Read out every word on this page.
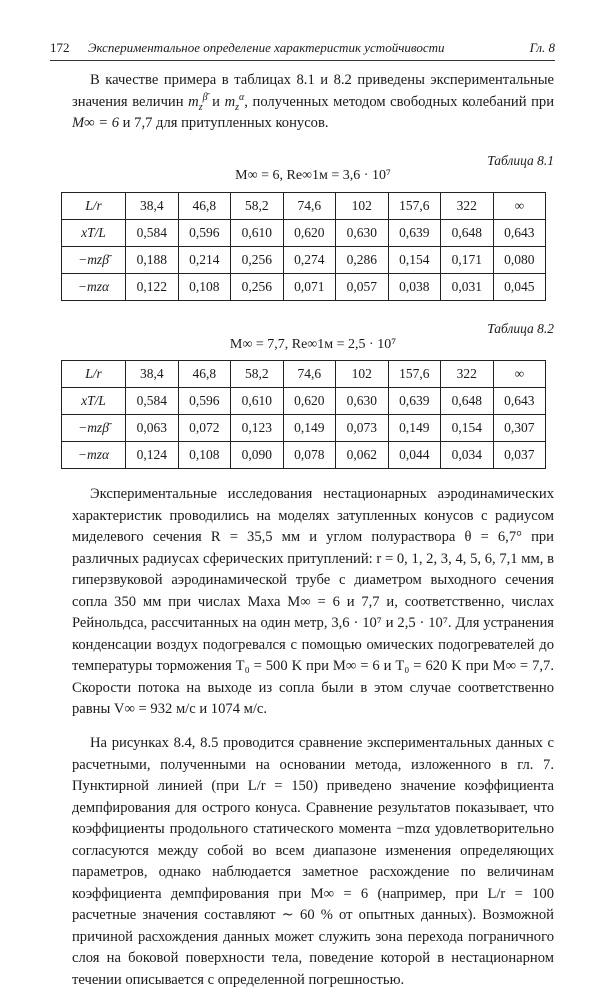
172 Экспериментальное определение характеристик устойчивости	Гл. 8
В качестве примера в таблицах 8.1 и 8.2 приведены экспериментальные значения величин $m_z^{\betā}$ и $m_z^\alpha$, полученных методом свободных колебаний при M∞ = 6 и 7,7 для притупленных конусов.
Таблица 8.1
M∞ = 6, Re∞1м = 3,6 · 10⁷
L/r	38,4	46,8	58,2	74,6	102	157,6	322	∞
xT/L	0,584	0,596	0,610	0,620	0,630	0,639	0,648	0,643
−mzβ̄	0,188	0,214	0,256	0,274	0,286	0,154	0,171	0,080
−mzα	0,122	0,108	0,256	0,071	0,057	0,038	0,031	0,045
Таблица 8.2
M∞ = 7,7, Re∞1м = 2,5 · 10⁷
L/r	38,4	46,8	58,2	74,6	102	157,6	322	∞
xT/L	0,584	0,596	0,610	0,620	0,630	0,639	0,648	0,643
−mzβ̄	0,063	0,072	0,123	0,149	0,073	0,149	0,154	0,307
−mzα	0,124	0,108	0,090	0,078	0,062	0,044	0,034	0,037
Экспериментальные исследования нестационарных аэродинамических характеристик проводились на моделях затупленных конусов с радиусом миделевого сечения R = 35,5 мм и углом полураствора θ = 6,7° при различных радиусах сферических притуплений: r = 0, 1, 2, 3, 4, 5, 6, 7,1 мм, в гиперзвуковой аэродинамической трубе с диаметром выходного сечения сопла 350 мм при числах Маха M∞ = 6 и 7,7 и, соответственно, числах Рейнольдса, рассчитанных на один метр, 3,6 · 10⁷ и 2,5 · 10⁷. Для устранения конденсации воздух подогревался с помощью омических подогревателей до температуры торможения T₀ = 500 K при M∞ = 6 и T₀ = 620 K при M∞ = 7,7. Скорости потока на выходе из сопла были в этом случае соответственно равны V∞ = 932 м/с и 1074 м/с.
На рисунках 8.4, 8.5 проводится сравнение экспериментальных данных с расчетными, полученными на основании метода, изложенного в гл. 7. Пунктирной линией (при L/r = 150) приведено значение коэффициента демпфирования для острого конуса. Сравнение результатов показывает, что коэффициенты продольного статического момента −mzα удовлетворительно согласуются между собой во всем диапазоне изменения определяющих параметров, однако наблюдается заметное расхождение по величинам коэффициента демпфирования при M∞ = 6 (например, при L/r = 100 расчетные значения составляют ∼ 60 % от опытных данных). Возможной причиной расхождения данных может служить зона перехода пограничного слоя на боковой поверхности тела, поведение которой в нестационарном течении описывается с определенной погрешностью.
